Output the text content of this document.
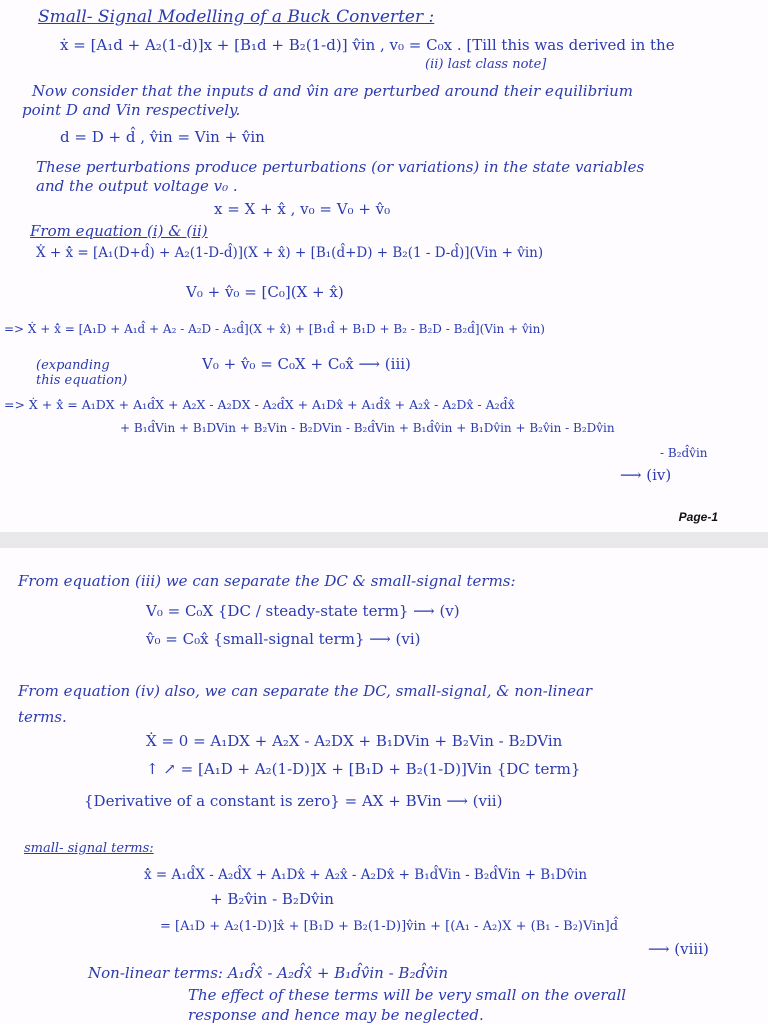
Small- Signal Modelling of a Buck Converter :

ẋ = [A₁d + A₂(1-d)]x + [B₁d + B₂(1-d)] v̂in , v₀ = C₀x . [Till this was derived in the

(ii) last class note]

Now consider that the inputs d and v̂in are perturbed around their equilibrium

point D and Vin respectively.

d = D + d̂ , v̂in = Vin + v̂in

These perturbations produce perturbations (or variations) in the state variables

and the output voltage v₀ .

x = X + x̂ , v₀ = V₀ + v̂₀

From equation (i) & (ii)

Ẋ + x̂̇ = [A₁(D+d̂) + A₂(1-D-d̂)](X + x̂) + [B₁(d̂+D) + B₂(1 - D-d̂)](Vin + v̂in)

V₀ + v̂₀ = [C₀](X + x̂)

=> Ẋ + x̂̇ = [A₁D + A₁d̂ + A₂ - A₂D - A₂d̂](X + x̂) + [B₁d̂ + B₁D + B₂ - B₂D - B₂d̂](Vin + v̂in)

V₀ + v̂₀ = C₀X + C₀x̂ ⟶ (iii)

(expanding this equation)

=> Ẋ + x̂̇ = A₁DX + A₁d̂X + A₂X - A₂DX - A₂d̂X + A₁Dx̂ + A₁d̂x̂ + A₂x̂ - A₂Dx̂ - A₂d̂x̂

+ B₁d̂Vin + B₁DVin + B₂Vin - B₂DVin - B₂d̂Vin + B₁d̂v̂in + B₁Dv̂in + B₂v̂in - B₂Dv̂in

- B₂d̂v̂in

⟶ (iv)

Page-1

From equation (iii) we can separate the DC & small-signal terms:

V₀ = C₀X {DC / steady-state term} ⟶ (v)

v̂₀ = C₀x̂ {small-signal term} ⟶ (vi)

From equation (iv) also, we can separate the DC, small-signal, & non-linear

terms.

Ẋ = 0 = A₁DX + A₂X - A₂DX + B₁DVin + B₂Vin - B₂DVin

↑ ↗ = [A₁D + A₂(1-D)]X + [B₁D + B₂(1-D)]Vin {DC term}

{Derivative of a constant is zero} = AX + BVin ⟶ (vii)

small- signal terms:

x̂̇ = A₁d̂X - A₂d̂X + A₁Dx̂ + A₂x̂ - A₂Dx̂ + B₁d̂Vin - B₂d̂Vin + B₁Dv̂in

+ B₂v̂in - B₂Dv̂in

= [A₁D + A₂(1-D)]x̂ + [B₁D + B₂(1-D)]v̂in + [(A₁ - A₂)X + (B₁ - B₂)Vin]d̂

⟶ (viii)

Non-linear terms: A₁d̂x̂ - A₂d̂x̂ + B₁d̂v̂in - B₂d̂v̂in

The effect of these terms will be very small on the overall

response and hence may be neglected.
